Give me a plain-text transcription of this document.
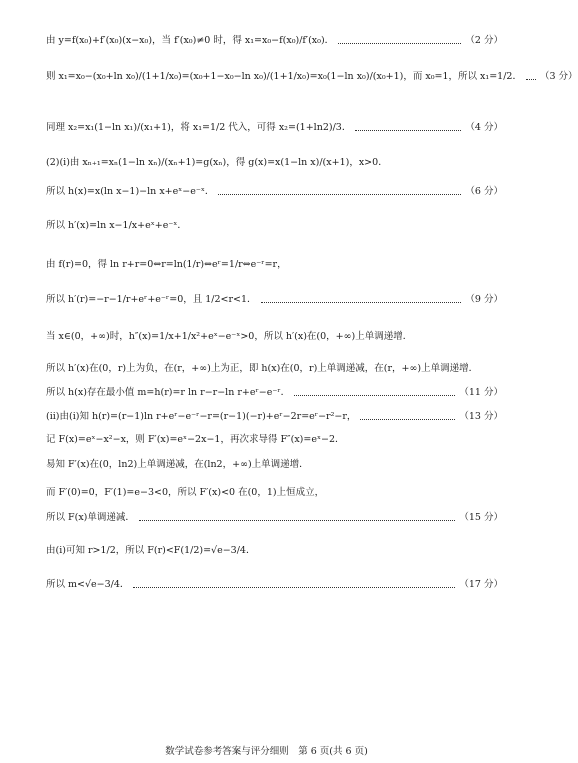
由 y=f(x₀)+f′(x₀)(x−x₀)，当 f′(x₀)≠0 时，得 x₁=x₀−f(x₀)/f′(x₀)．	（2 分）
则 x₁=x₀−(x₀+ln x₀)/(1+1/x₀)=(x₀+1−x₀−ln x₀)/(1+1/x₀)=x₀(1−ln x₀)/(x₀+1)，而 x₀=1，所以 x₁=1/2． （3 分）
同理 x₂=x₁(1−ln x₁)/(x₁+1)，将 x₁=1/2 代入，可得 x₂=(1+ln2)/3．	（4 分）
(2)(i)由 xₙ₊₁=xₙ(1−ln xₙ)/(xₙ+1)=g(xₙ)，得 g(x)=x(1−ln x)/(x+1)，x>0．
所以 h(x)=x(ln x−1)−ln x+eˣ−e⁻ˣ．	（6 分）
所以 h′(x)=ln x−1/x+eˣ+e⁻ˣ．
由 f(r)=0，得 ln r+r=0⇔r=ln(1/r)⇔eʳ=1/r⇔e⁻ʳ=r，
所以 h′(r)=−r−1/r+eʳ+e⁻ʳ=0，且 1/2<r<1．	（9 分）
当 x∈(0，+∞)时，h″(x)=1/x+1/x²+eˣ−e⁻ˣ>0，所以 h′(x)在(0，+∞)上单调递增．
所以 h′(x)在(0，r)上为负，在(r，+∞)上为正，即 h(x)在(0，r)上单调递减，在(r，+∞)上单调递增．
所以 h(x)存在最小值 m=h(r)=r ln r−r−ln r+eʳ−e⁻ʳ．	（11 分）
(ii)由(i)知 h(r)=(r−1)ln r+eʳ−e⁻ʳ−r=(r−1)(−r)+eʳ−2r=eʳ−r²−r，	（13 分）
记 F(x)=eˣ−x²−x，则 F′(x)=eˣ−2x−1，再次求导得 F″(x)=eˣ−2．
易知 F′(x)在(0，ln2)上单调递减，在(ln2，+∞)上单调递增．
而 F′(0)=0，F′(1)=e−3<0，所以 F′(x)<0 在(0，1)上恒成立，
所以 F(x)单调递减．	（15 分）
由(i)可知 r>1/2，所以 F(r)<F(1/2)=√e−3/4．
所以 m<√e−3/4．	（17 分）
数学试卷参考答案与评分细则　第 6 页(共 6 页)
